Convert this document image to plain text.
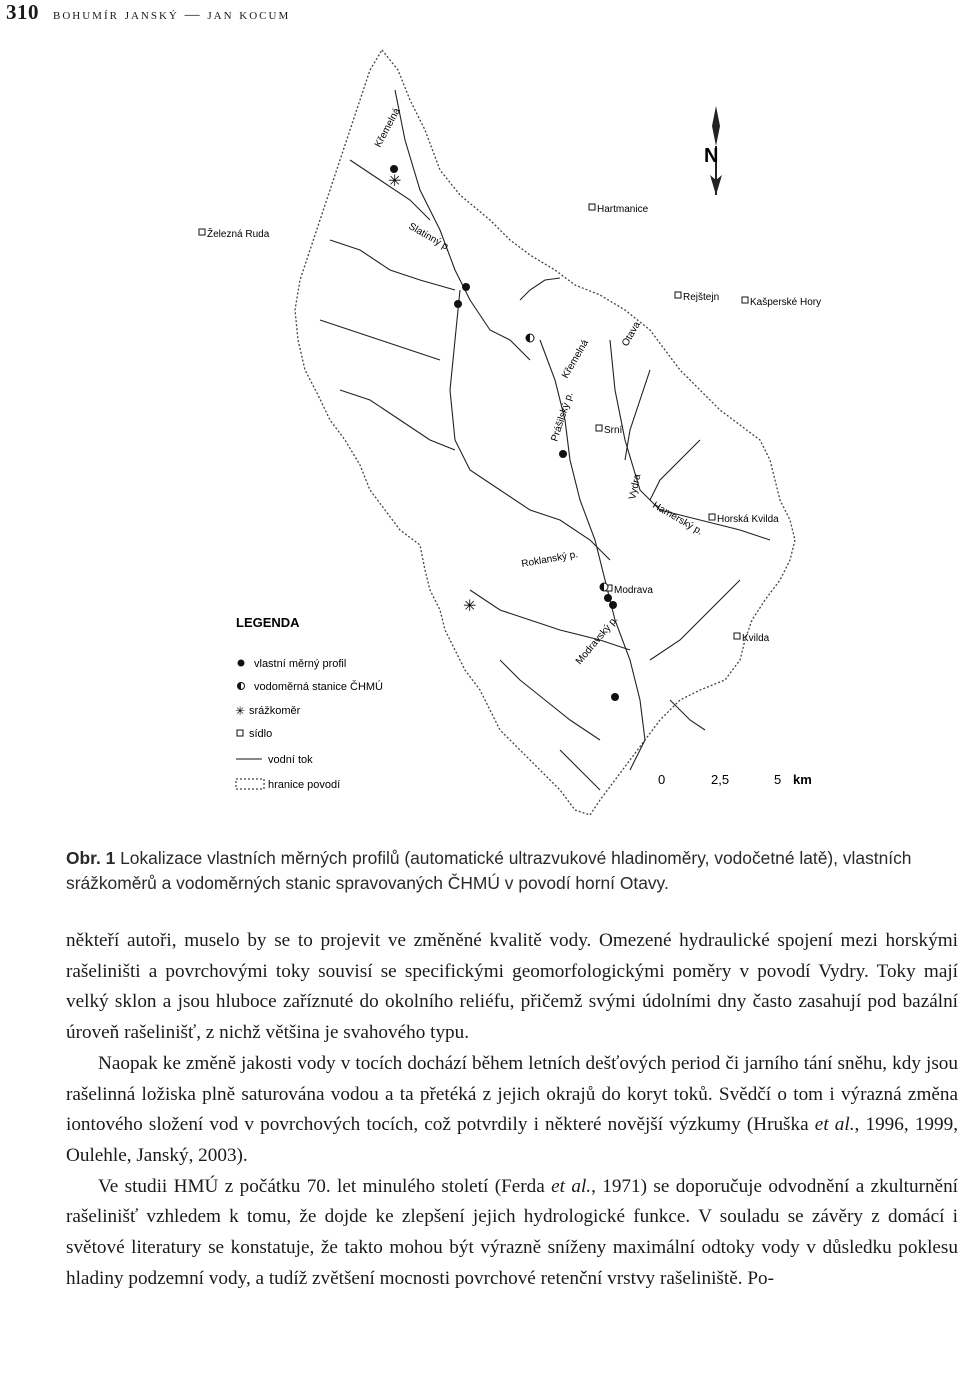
310 bohumír janský — jan kocum
N
Železná Ruda
Hartmanice
Rejštejn	Kašperské Hory
Srní
Horská Kvilda
Modrava
Kvilda
Křemelná
Slatinný p.
Otava
Křemelná
Prášilský p.
Vydra
Hamerský p.
Roklanský p.
Modravský p.
✳
✳
LEGENDA
vlastní měrný profil
vodoměrná stanice ČHMÚ
✳ srážkoměr
sídlo
vodní tok
hranice povodí	0	2,5	5 km
Obr. 1 Lokalizace vlastních měrných profilů (automatické ultrazvukové hladinoměry, vodočetné latě), vlastních srážkoměrů a vodoměrných stanic spravovaných ČHMÚ v povodí horní Otavy.

někteří autoři, muselo by se to projevit ve změněné kvalitě vody. Omezené hydraulické spojení mezi horskými rašeliništi a povrchovými toky souvisí se specifickými geomorfologickými poměry v povodí Vydry. Toky mají velký sklon a jsou hluboce zaříznuté do okolního reliéfu, přičemž svými údolními dny často zasahují pod bazální úroveň rašelinišť, z nichž většina je svahového typu.

Naopak ke změně jakosti vody v tocích dochází během letních dešťových period či jarního tání sněhu, kdy jsou rašelinná ložiska plně saturována vodou a ta přetéká z jejich okrajů do koryt toků. Svědčí o tom i výrazná změna iontového složení vod v povrchových tocích, což potvrdily i některé novější výzkumy (Hruška et al., 1996, 1999, Oulehle, Janský, 2003).

Ve studii HMÚ z počátku 70. let minulého století (Ferda et al., 1971) se doporučuje odvodnění a zkulturnění rašelinišť vzhledem k tomu, že dojde ke zlepšení jejich hydrologické funkce. V souladu se závěry z domácí i světové literatury se konstatuje, že takto mohou být výrazně sníženy maximální odtoky vody v důsledku poklesu hladiny podzemní vody, a tudíž zvětšení mocnosti povrchové retenční vrstvy rašeliniště. Po-
